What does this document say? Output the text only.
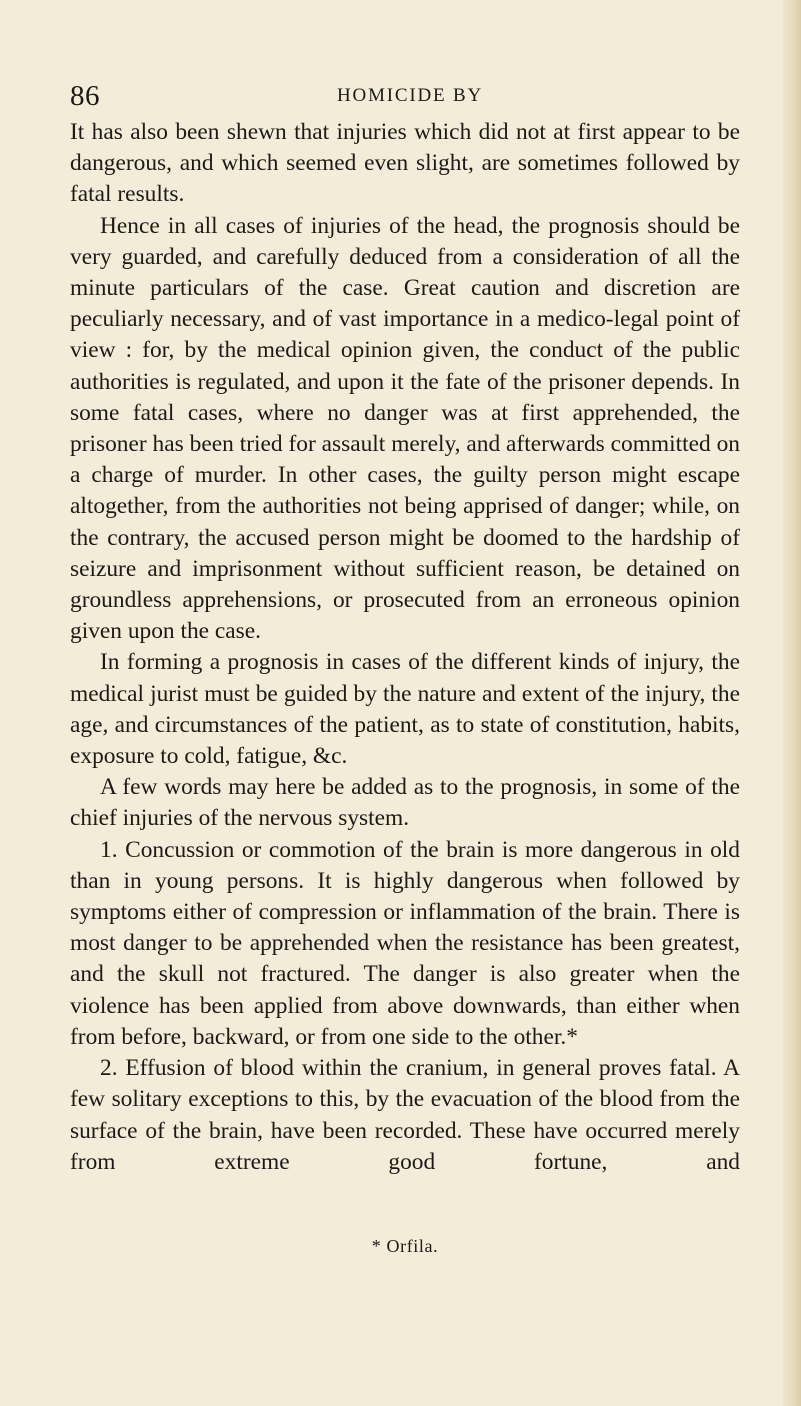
86	HOMICIDE BY

It has also been shewn that injuries which did not at first appear to be dangerous, and which seemed even slight, are sometimes followed by fatal results.

Hence in all cases of injuries of the head, the prognosis should be very guarded, and carefully deduced from a consideration of all the minute particulars of the case. Great caution and discretion are peculiarly necessary, and of vast importance in a medico-legal point of view : for, by the medical opinion given, the conduct of the public authorities is regulated, and upon it the fate of the prisoner depends. In some fatal cases, where no danger was at first apprehended, the prisoner has been tried for assault merely, and afterwards committed on a charge of murder. In other cases, the guilty person might escape altogether, from the authorities not being apprised of danger; while, on the contrary, the accused person might be doomed to the hardship of seizure and imprisonment without sufficient reason, be detained on groundless apprehensions, or prosecuted from an erroneous opinion given upon the case.

In forming a prognosis in cases of the different kinds of injury, the medical jurist must be guided by the nature and extent of the injury, the age, and circumstances of the patient, as to state of constitution, habits, exposure to cold, fatigue, &c.

A few words may here be added as to the prognosis, in some of the chief injuries of the nervous system.

1. Concussion or commotion of the brain is more dangerous in old than in young persons. It is highly dangerous when followed by symptoms either of compression or inflammation of the brain. There is most danger to be apprehended when the resistance has been greatest, and the skull not fractured. The danger is also greater when the violence has been applied from above downwards, than either when from before, backward, or from one side to the other.*

2. Effusion of blood within the cranium, in general proves fatal. A few solitary exceptions to this, by the evacuation of the blood from the surface of the brain, have been recorded. These have occurred merely from extreme good fortune, and

* Orfila.
